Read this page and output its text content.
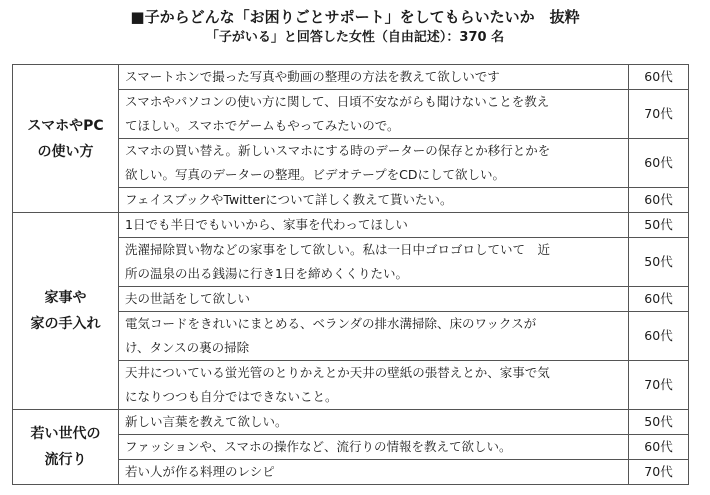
■子からどんな「お困りごとサポート」をしてもらいたいか　抜粋
「子がいる」と回答した女性（自由記述）：370 名
スマホやPC
の使い方	スマートホンで撮った写真や動画の整理の方法を教えて欲しいです	60代

	スマホやパソコンの使い方に関して、日頃不安ながらも聞けないことを教え
てほしい。スマホでゲームもやってみたいので。	70代

	スマホの買い替え。新しいスマホにする時のデーターの保存とか移行とかを
欲しい。写真のデーターの整理。ビデオテープをCDにして欲しい。	60代

	フェイスブックやTwitterについて詳しく教えて貰いたい。	60代

家事や
家の手入れ	1日でも半日でもいいから、家事を代わってほしい	50代

	洗濯掃除買い物などの家事をして欲しい。私は一日中ゴロゴロしていて　近
所の温泉の出る銭湯に行き1日を締めくくりたい。	50代

	夫の世話をして欲しい	60代

	電気コードをきれいにまとめる、ベランダの排水溝掃除、床のワックスが
け、タンスの裏の掃除	60代

	天井についている蛍光管のとりかえとか天井の壁紙の張替えとか、家事で気
になりつつも自分ではできないこと。	70代

若い世代の
流行り	新しい言葉を教えて欲しい。	50代

	ファッションや、スマホの操作など、流行りの情報を教えて欲しい。	60代

	若い人が作る料理のレシピ	70代
